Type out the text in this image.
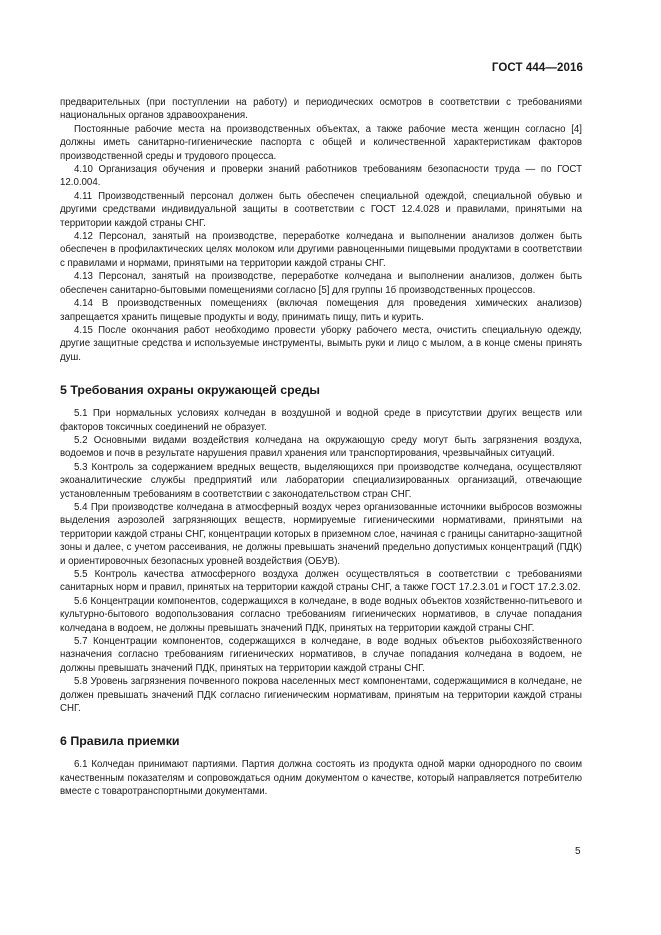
ГОСТ 444—2016

предварительных (при поступлении на работу) и периодических осмотров в соответствии с требованиями национальных органов здравоохранения.

Постоянные рабочие места на производственных объектах, а также рабочие места женщин согласно [4] должны иметь санитарно-гигиенические паспорта с общей и количественной характеристикам факторов производственной среды и трудового процесса.

4.10 Организация обучения и проверки знаний работников требованиям безопасности труда — по ГОСТ 12.0.004.

4.11 Производственный персонал должен быть обеспечен специальной одеждой, специальной обувью и другими средствами индивидуальной защиты в соответствии с ГОСТ 12.4.028 и правилами, принятыми на территории каждой страны СНГ.

4.12 Персонал, занятый на производстве, переработке колчедана и выполнении анализов должен быть обеспечен в профилактических целях молоком или другими равноценными пищевыми продуктами в соответствии с правилами и нормами, принятыми на территории каждой страны СНГ.

4.13 Персонал, занятый на производстве, переработке колчедана и выполнении анализов, должен быть обеспечен санитарно-бытовыми помещениями согласно [5] для группы 1б производственных процессов.

4.14 В производственных помещениях (включая помещения для проведения химических анализов) запрещается хранить пищевые продукты и воду, принимать пищу, пить и курить.

4.15 После окончания работ необходимо провести уборку рабочего места, очистить специальную одежду, другие защитные средства и используемые инструменты, вымыть руки и лицо с мылом, а в конце смены принять душ.

5 Требования охраны окружающей среды

5.1 При нормальных условиях колчедан в воздушной и водной среде в присутствии других веществ или факторов токсичных соединений не образует.

5.2 Основными видами воздействия колчедана на окружающую среду могут быть загрязнения воздуха, водоемов и почв в результате нарушения правил хранения или транспортирования, чрезвычайных ситуаций.

5.3 Контроль за содержанием вредных веществ, выделяющихся при производстве колчедана, осуществляют экоаналитические службы предприятий или лаборатории специализированных организаций, отвечающие установленным требованиям в соответствии с законодательством стран СНГ.

5.4 При производстве колчедана в атмосферный воздух через организованные источники выбросов возможны выделения аэрозолей загрязняющих веществ, нормируемые гигиеническими нормативами, принятыми на территории каждой страны СНГ, концентрации которых в приземном слое, начиная с границы санитарно-защитной зоны и далее, с учетом рассеивания, не должны превышать значений предельно допустимых концентраций (ПДК) и ориентировочных безопасных уровней воздействия (ОБУВ).

5.5 Контроль качества атмосферного воздуха должен осуществляться в соответствии с требованиями санитарных норм и правил, принятых на территории каждой страны СНГ, а также ГОСТ 17.2.3.01 и ГОСТ 17.2.3.02.

5.6 Концентрации компонентов, содержащихся в колчедане, в воде водных объектов хозяйственно-питьевого и культурно-бытового водопользования согласно требованиям гигиенических нормативов, в случае попадания колчедана в водоем, не должны превышать значений ПДК, принятых на территории каждой страны СНГ.

5.7 Концентрации компонентов, содержащихся в колчедане, в воде водных объектов рыбохозяйственного назначения согласно требованиям гигиенических нормативов, в случае попадания колчедана в водоем, не должны превышать значений ПДК, принятых на территории каждой страны СНГ.

5.8 Уровень загрязнения почвенного покрова населенных мест компонентами, содержащимися в колчедане, не должен превышать значений ПДК согласно гигиеническим нормативам, принятым на территории каждой страны СНГ.

6 Правила приемки

6.1 Колчедан принимают партиями. Партия должна состоять из продукта одной марки однородного по своим качественным показателям и сопровождаться одним документом о качестве, который направляется потребителю вместе с товаротранспортными документами.

5
